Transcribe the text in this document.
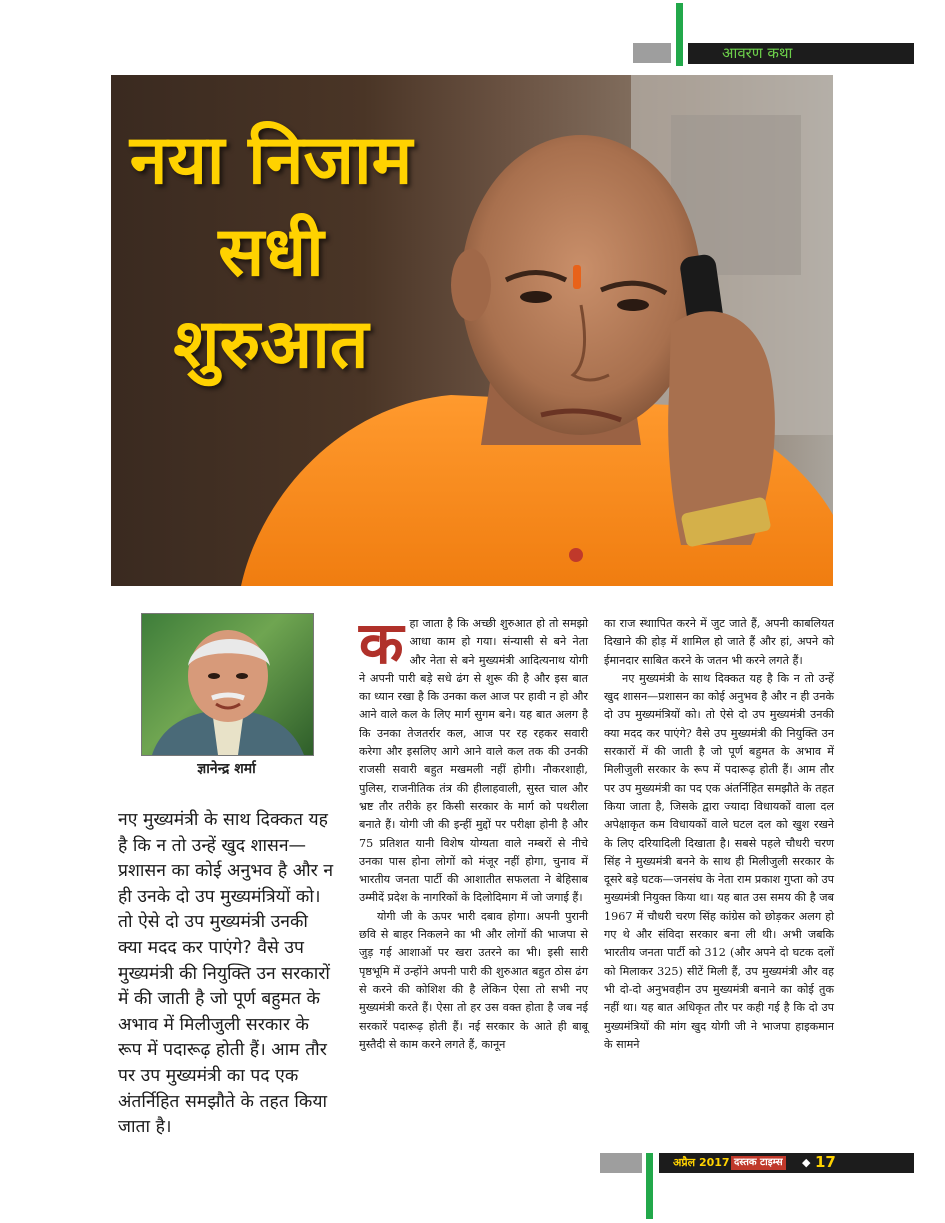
आवरण कथा
नया निजाम
सधी
शुरुआत
ज्ञानेन्द्र शर्मा
नए मुख्यमंत्री के साथ दिक्कत यह है कि न तो उन्हें खुद शासन—प्रशासन का कोई अनुभव है और न ही उनके दो उप मुख्यमंत्रियों को। तो ऐसे दो उप मुख्यमंत्री उनकी क्या मदद कर पाएंगे? वैसे उप मुख्यमंत्री की नियुक्ति उन सरकारों में की जाती है जो पूर्ण बहुमत के अभाव में मिलीजुली सरकार के रूप में पदारूढ़ होती हैं। आम तौर पर उप मुख्यमंत्री का पद एक अंतर्निहित समझौते के तहत किया जाता है।
क हा जाता है कि अच्छी शुरुआत हो तो समझो आधा काम हो गया। संन्यासी से बने नेता और नेता से बने मुख्यमंत्री आदित्यनाथ योगी ने अपनी पारी बड़े सधे ढंग से शुरू की है और इस बात का ध्यान रखा है कि उनका कल आज पर हावी न हो और आने वाले कल के लिए मार्ग सुगम बने। यह बात अलग है कि उनका तेजतर्रार कल, आज पर रह रहकर सवारी करेगा और इसलिए आगे आने वाले कल तक की उनकी राजसी सवारी बहुत मखमली नहीं होगी। नौकरशाही, पुलिस, राजनीतिक तंत्र की हीलाहवाली, सुस्त चाल और भ्रष्ट तौर तरीके हर किसी सरकार के मार्ग को पथरीला बनाते हैं। योगी जी की इन्हीं मुद्दों पर परीक्षा होनी है और 75 प्रतिशत यानी विशेष योग्यता वाले नम्बरों से नीचे उनका पास होना लोगों को मंजूर नहीं होगा, चुनाव में भारतीय जनता पार्टी की आशातीत सफलता ने बेहिसाब उम्मीदें प्रदेश के नागरिकों के दिलोदिमाग में जो जगाई हैं।

योगी जी के ऊपर भारी दबाव होगा। अपनी पुरानी छवि से बाहर निकलने का भी और लोगों की भाजपा से जुड़ गई आशाओं पर खरा उतरने का भी। इसी सारी पृष्ठभूमि में उन्होंने अपनी पारी की शुरुआत बहुत ठोस ढंग से करने की कोशिश की है लेकिन ऐसा तो सभी नए मुख्यमंत्री करते हैं। ऐसा तो हर उस वक्त होता है जब नई सरकारें पदारूढ़ होती हैं। नई सरकार के आते ही बाबू मुस्तैदी से काम करने लगते हैं, कानून

का राज स्थाापित करने में जुट जाते हैं, अपनी काबलियत दिखाने की होड़ में शामिल हो जाते हैं और हां, अपने को ईमानदार साबित करने के जतन भी करने लगते हैं।

नए मुख्यमंत्री के साथ दिक्कत यह है कि न तो उन्हें खुद शासन—प्रशासन का कोई अनुभव है और न ही उनके दो उप मुख्यमंत्रियों को। तो ऐसे दो उप मुख्यमंत्री उनकी क्या मदद कर पाएंगे? वैसे उप मुख्यमंत्री की नियुक्ति उन सरकारों में की जाती है जो पूर्ण बहुमत के अभाव में मिलीजुली सरकार के रूप में पदारूढ़ होती हैं। आम तौर पर उप मुख्यमंत्री का पद एक अंतर्निहित समझौते के तहत किया जाता है, जिसके द्वारा ज्यादा विधायकों वाला दल अपेक्षाकृत कम विधायकों वाले घटल दल को खुश रखने के लिए दरियादिली दिखाता है। सबसे पहले चौधरी चरण सिंह ने मुख्यमंत्री बनने के साथ ही मिलीजुली सरकार के दूसरे बड़े घटक—जनसंघ के नेता राम प्रकाश गुप्ता को उप मुख्यमंत्री नियुक्त किया था। यह बात उस समय की है जब 1967 में चौधरी चरण सिंह कांग्रेस को छोड़कर अलग हो गए थे और संविदा सरकार बना ली थी। अभी जबकि भारतीय जनता पार्टी को 312 (और अपने दो घटक दलों को मिलाकर 325) सीटें मिली हैं, उप मुख्यमंत्री और वह भी दो-दो अनुभवहीन उप मुख्यमंत्री बनाने का कोई तुक नहीं था। यह बात अधिकृत तौर पर कही गई है कि दो उप मुख्यमंत्रियों की मांग खुद योगी जी ने भाजपा हाइकमान के सामने

अप्रैल 2017 दस्तक टाइम्स ◆ 17
